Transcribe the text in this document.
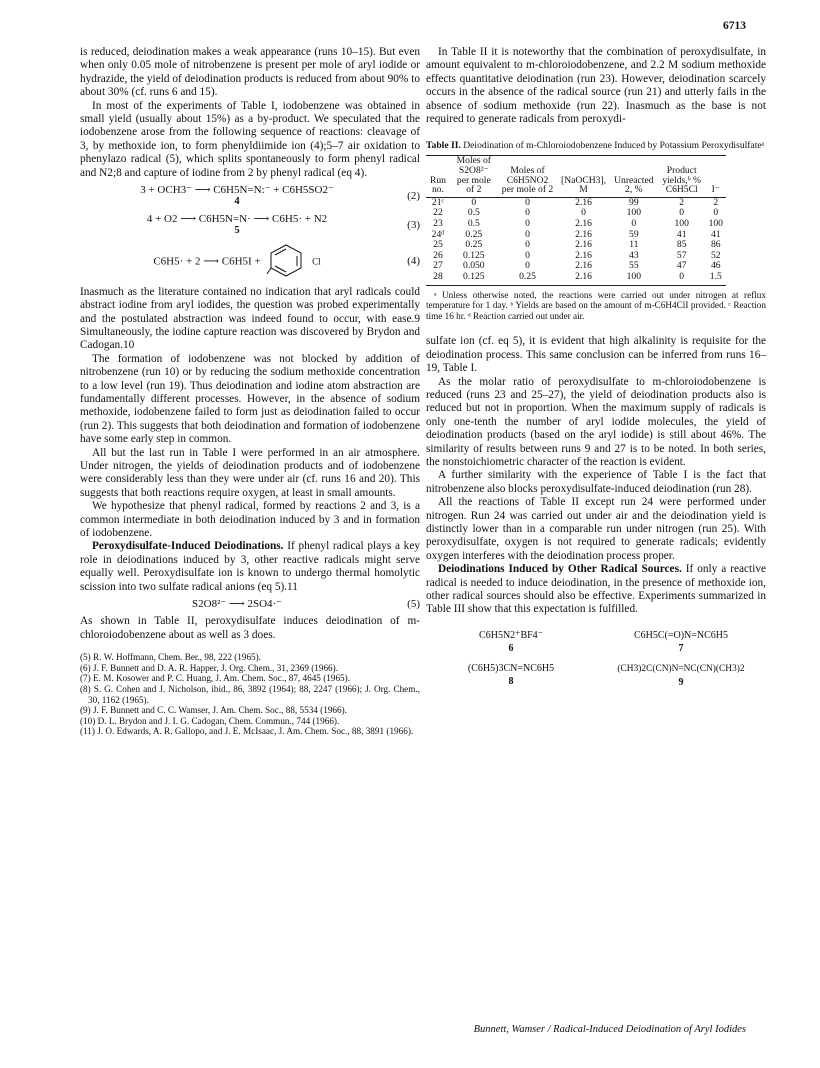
6713

is reduced, deiodination makes a weak appearance (runs 10–15). But even when only 0.05 mole of nitrobenzene is present per mole of aryl iodide or hydrazide, the yield of deiodination products is reduced from about 90% to about 30% (cf. runs 6 and 15).

In most of the experiments of Table I, iodobenzene was obtained in small yield (usually about 15%) as a by-product. We speculated that the iodobenzene arose from the following sequence of reactions: cleavage of 3, by methoxide ion, to form phenyldiimide ion (4);5–7 air oxidation to phenylazo radical (5), which splits spontaneously to form phenyl radical and N2;8 and capture of iodine from 2 by phenyl radical (eq 4).

3 + OCH3⁻ ⟶ C6H5N=N:⁻ + C6H5SO2⁻
4
(2)
4 + O2 ⟶ C6H5N=N· ⟶ C6H5· + N2
5
(3)
C6H5· + 2 ⟶ C6H5I +	Cl	(4)

Inasmuch as the literature contained no indication that aryl radicals could abstract iodine from aryl iodides, the question was probed experimentally and the postulated abstraction was indeed found to occur, with ease.9 Simultaneously, the iodine capture reaction was discovered by Brydon and Cadogan.10

The formation of iodobenzene was not blocked by addition of nitrobenzene (run 10) or by reducing the sodium methoxide concentration to a low level (run 19). Thus deiodination and iodine atom abstraction are fundamentally different processes. However, in the absence of sodium methoxide, iodobenzene failed to form just as deiodination failed to occur (run 2). This suggests that both deiodination and formation of iodobenzene have some early step in common.

All but the last run in Table I were performed in an air atmosphere. Under nitrogen, the yields of deiodination products and of iodobenzene were considerably less than they were under air (cf. runs 16 and 20). This suggests that both reactions require oxygen, at least in small amounts.

We hypothesize that phenyl radical, formed by reactions 2 and 3, is a common intermediate in both deiodination induced by 3 and in formation of iodobenzene.

Peroxydisulfate-Induced Deiodinations. If phenyl radical plays a key role in deiodinations induced by 3, other reactive radicals might serve equally well. Peroxydisulfate ion is known to undergo thermal homolytic scission into two sulfate radical anions (eq 5).11

S2O8²⁻ ⟶ 2SO4·⁻	(5)

As shown in Table II, peroxydisulfate induces deiodination of m-chloroiodobenzene about as well as 3 does.

(5) R. W. Hoffmann, Chem. Ber., 98, 222 (1965).
(6) J. F. Bunnett and D. A. R. Happer, J. Org. Chem., 31, 2369 (1966).
(7) E. M. Kosower and P. C. Huang, J. Am. Chem. Soc., 87, 4645 (1965).
(8) S. G. Cohen and J. Nicholson, ibid., 86, 3892 (1964); 88, 2247 (1966); J. Org. Chem., 30, 1162 (1965).
(9) J. F. Bunnett and C. C. Wamser, J. Am. Chem. Soc., 88, 5534 (1966).
(10) D. L. Brydon and J. I. G. Cadogan, Chem. Commun., 744 (1966).
(11) J. O. Edwards, A. R. Gallopo, and J. E. McIsaac, J. Am. Chem. Soc., 88, 3891 (1966).

In Table II it is noteworthy that the combination of peroxydisulfate, in amount equivalent to m-chloroiodobenzene, and 2.2 M sodium methoxide effects quantitative deiodination (run 23). However, deiodination scarcely occurs in the absence of the radical source (run 21) and utterly fails in the absence of sodium methoxide (run 22). Inasmuch as the base is not required to generate radicals from peroxydi-

Table II. Deiodination of m-Chloroiodobenzene Induced by Potassium Peroxydisulfateᵃ
Run no.	Moles of S2O8²⁻ per mole of 2	Moles of C6H5NO2 per mole of 2	[NaOCH3], M	Unreacted 2, %	Product yields,ᵇ % C6H5Cl	I⁻
21ᶜ	0	0	2.16	99	2	2
22	0.5	0	0	100	0	0
23	0.5	0	2.16	0	100	100
24ᵈ	0.25	0	2.16	59	41	41
25	0.25	0	2.16	11	85	86
26	0.125	0	2.16	43	57	52
27	0.050	0	2.16	55	47	46
28	0.125	0.25	2.16	100	0	1.5
ᵃ Unless otherwise noted, the reactions were carried out under nitrogen at reflux temperature for 1 day. ᵇ Yields are based on the amount of m-C6H4ClI provided. ᶜ Reaction time 16 hr. ᵈ Reaction carried out under air.

sulfate ion (cf. eq 5), it is evident that high alkalinity is requisite for the deiodination process. This same conclusion can be inferred from runs 16–19, Table I.

As the molar ratio of peroxydisulfate to m-chloroiodobenzene is reduced (runs 23 and 25–27), the yield of deiodination products also is reduced but not in proportion. When the maximum supply of radicals is only one-tenth the number of aryl iodide molecules, the yield of deiodination products (based on the aryl iodide) is still about 46%. The similarity of results between runs 9 and 27 is to be noted. In both series, the nonstoichiometric character of the reaction is evident.

A further similarity with the experience of Table I is the fact that nitrobenzene also blocks peroxydisulfate-induced deiodination (run 28).

All the reactions of Table II except run 24 were performed under nitrogen. Run 24 was carried out under air and the deiodination yield is distinctly lower than in a comparable run under nitrogen (run 25). With peroxydisulfate, oxygen is not required to generate radicals; evidently oxygen interferes with the deiodination process proper.

Deiodinations Induced by Other Radical Sources. If only a reactive radical is needed to induce deiodination, in the presence of methoxide ion, other radical sources should also be effective. Experiments summarized in Table III show that this expectation is fulfilled.

C6H5N2⁺BF4⁻
6
C6H5C(=O)N=NC6H5
7
(C6H5)3CN=NC6H5
8
(CH3)2C(CN)N=NC(CN)(CH3)2
9
Bunnett, Wamser / Radical-Induced Deiodination of Aryl Iodides
